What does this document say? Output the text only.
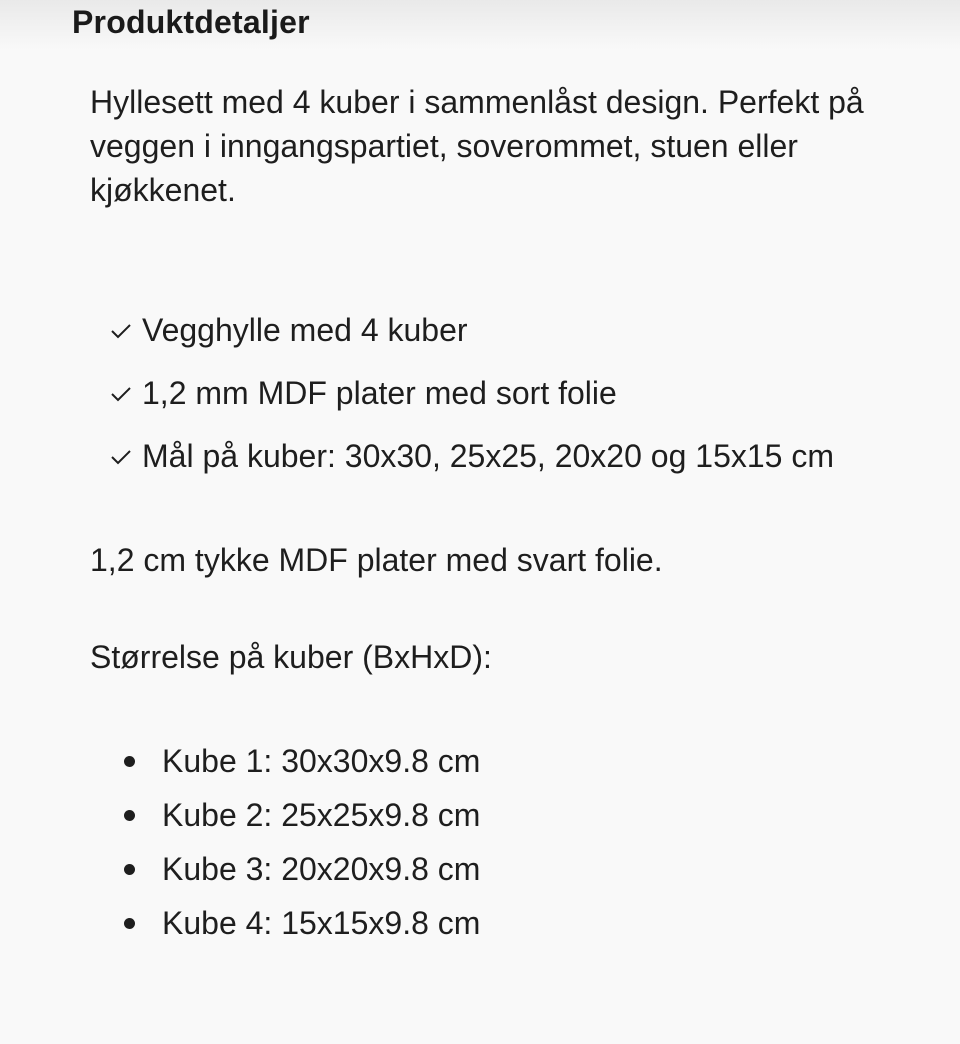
Produktdetaljer

Hyllesett med 4 kuber i sammenlåst design. Perfekt på veggen i inngangspartiet, soverommet, stuen eller kjøkkenet.

Vegghylle med 4 kuber
1,2 mm MDF plater med sort folie
Mål på kuber: 30x30, 25x25, 20x20 og 15x15 cm

1,2 cm tykke MDF plater med svart folie.

Størrelse på kuber (BxHxD):

Kube 1: 30x30x9.8 cm
Kube 2: 25x25x9.8 cm
Kube 3: 20x20x9.8 cm
Kube 4: 15x15x9.8 cm
